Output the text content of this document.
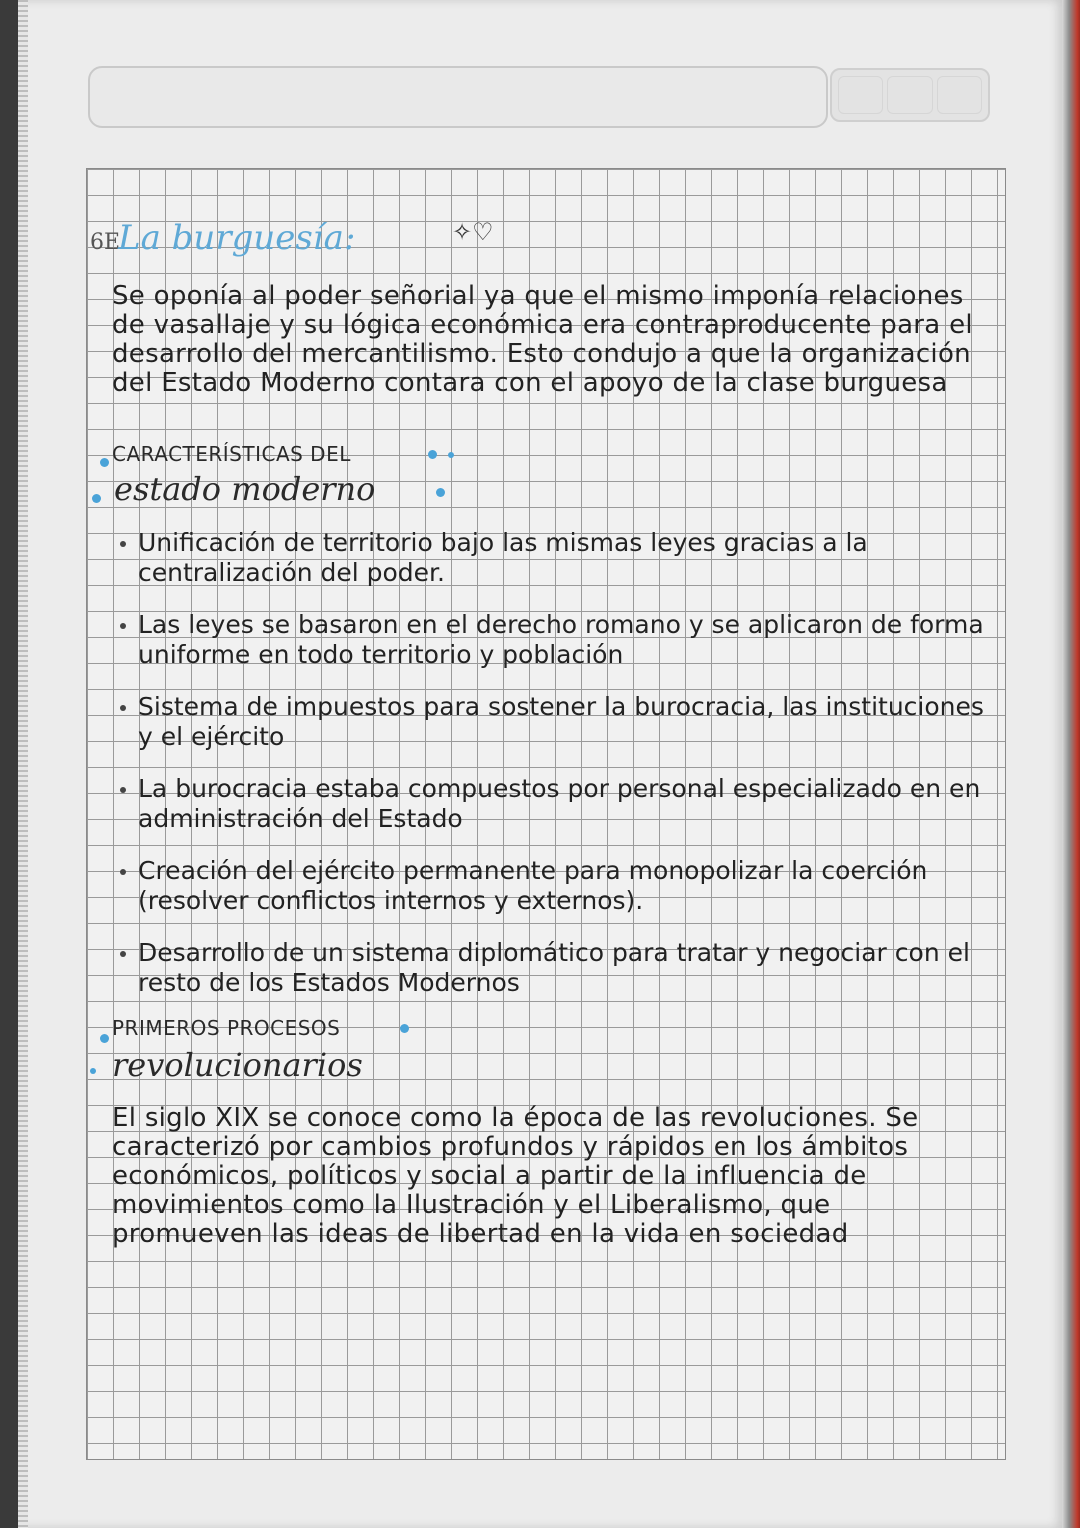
6E
La burguesía:	✧♡
Se oponía al poder señorial ya que el mismo imponía relaciones de vasallaje y su lógica económica era contraproducente para el desarrollo del mercantilismo. Esto condujo a que la organización del Estado Moderno contara con el apoyo de la clase burguesa
CARACTERÍSTICAS DEL
estado moderno
Unificación de territorio bajo las mismas leyes gracias a la centralización del poder.
Las leyes se basaron en el derecho romano y se aplicaron de forma uniforme en todo territorio y población
Sistema de impuestos para sostener la burocracia, las instituciones y el ejército
La burocracia estaba compuestos por personal especializado en en administración del Estado
Creación del ejército permanente para monopolizar la coerción (resolver conflictos internos y externos).
Desarrollo de un sistema diplomático para tratar y negociar con el resto de los Estados Modernos
PRIMEROS PROCESOS
revolucionarios
El siglo XIX se conoce como la época de las revoluciones. Se caracterizó por cambios profundos y rápidos en los ámbitos económicos, políticos y social a partir de la influencia de movimientos como la Ilustración y el Liberalismo, que promueven las ideas de libertad en la vida en sociedad
